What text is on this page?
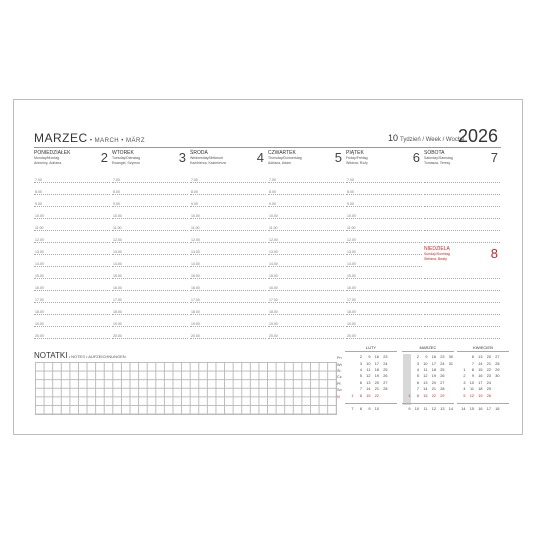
MARZEC • MARCH • MÄRZ	10 Tydzień / Week / Woche
2026
PONIEDZIAŁEK
Monday/Montag
Antoniny, Adriana	2
7.00
8.00
9.00
10.00
11.00
12.00
13.00
14.00
15.00
16.00
17.00
18.00
19.00
20.00
WTOREK
Tuesday/Dienstag
Ewangel, Szymon	3
7.00
8.00
9.00
10.00
11.00
12.00
13.00
14.00
15.00
16.00
17.00
18.00
19.00
20.00
ŚRODA
Wednesday/Mittwoch
Kaźmierza, Kazimierza	4
7.00
8.00
9.00
10.00
11.00
12.00
13.00
14.00
15.00
16.00
17.00
18.00
19.00
20.00
CZWARTEK
Thursday/Donnerstag
Adriana, Adam	5
7.00
8.00
9.00
10.00
11.00
12.00
13.00
14.00
15.00
16.00
17.00
18.00
19.00
20.00
PIĄTEK
Friday/Freitag
Wiktora, Róży	6
7.00
8.00
9.00
10.00
11.00
12.00
13.00
14.00
15.00
16.00
17.00
18.00
19.00
20.00
SOBOTA
Saturday/Samstag
Tomasza, Teresy	7
NIEDZIELA
Sunday/Sonntag
Stefana, Beaty	8
NOTATKI • NOTES • AUFZEICHNUNGEN	Pn
Wt
Śr
Cz
Pt
So
N
LUTY
2	9	16	23
3	10	17	24
4	11	18	25
5	12	19	26
6	13	20	27
7	14	21	28
1	8	15	22
7	8	9	10
MARZEC
2	9	16	23	30
3	10	17	24	31
4	11	18	25
5	12	19	26
6	13	20	27
7	14	21	28
1	8	15	22	29
9	10	11	12	13	14
KWIECIEŃ
6	13	20	27
7	14	21	28
1	8	15	22	29
2	9	16	23	30
3	10	17	24
4	11	18	25
5	12	19	26
14	15	16	17	18
